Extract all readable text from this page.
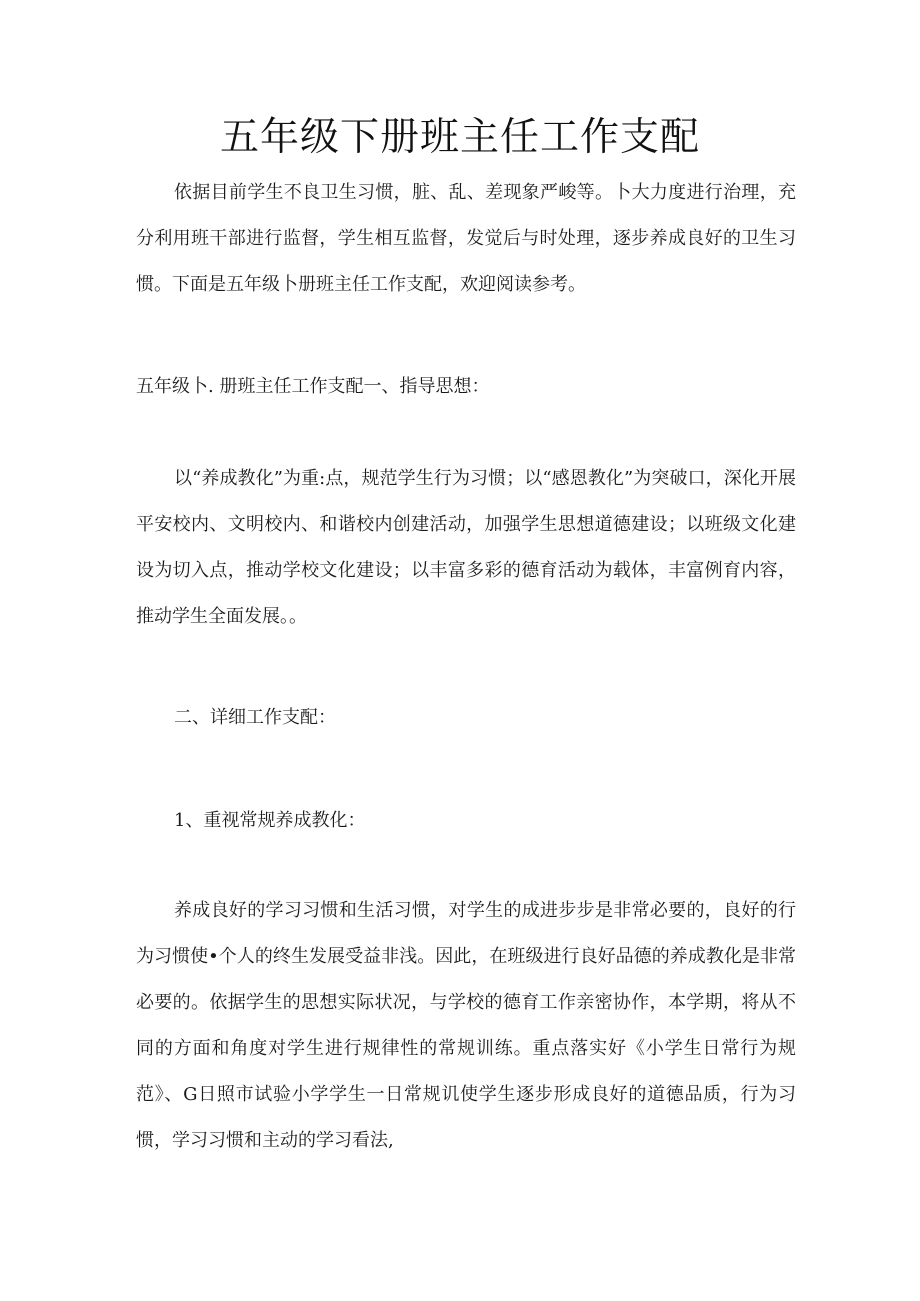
五年级下册班主任工作支配

依据目前学生不良卫生习惯，脏、乱、差现象严峻等。卜大力度进行治理，充分利用班干部进行监督，学生相互监督，发觉后与时处理，逐步养成良好的卫生习惯。下面是五年级卜册班主任工作支配，欢迎阅读参考。

五年级卜. 册班主任工作支配一、指导思想：

以“养成教化”为重:点，规范学生行为习惯；以“感恩教化”为突破口，深化开展平安校内、文明校内、和谐校内创建活动，加强学生思想道德建设；以班级文化建设为切入点，推动学校文化建设；以丰富多彩的德育活动为载体，丰富例育内容，推动学生全面发展。。

二、详细工作支配：

1、重视常规养成教化：

养成良好的学习习惯和生活习惯，对学生的成进步步是非常必要的，良好的行为习惯使•个人的终生发展受益非浅。因此，在班级进行良好品德的养成教化是非常必要的。依据学生的思想实际状况，与学校的德育工作亲密协作，本学期，将从不同的方面和角度对学生进行规律性的常规训练。重点落实好《小学生日常行为规范》、G日照市试验小学学生一日常规讥使学生逐步形成良好的道德品质，行为习惯，学习习惯和主动的学习看法,
